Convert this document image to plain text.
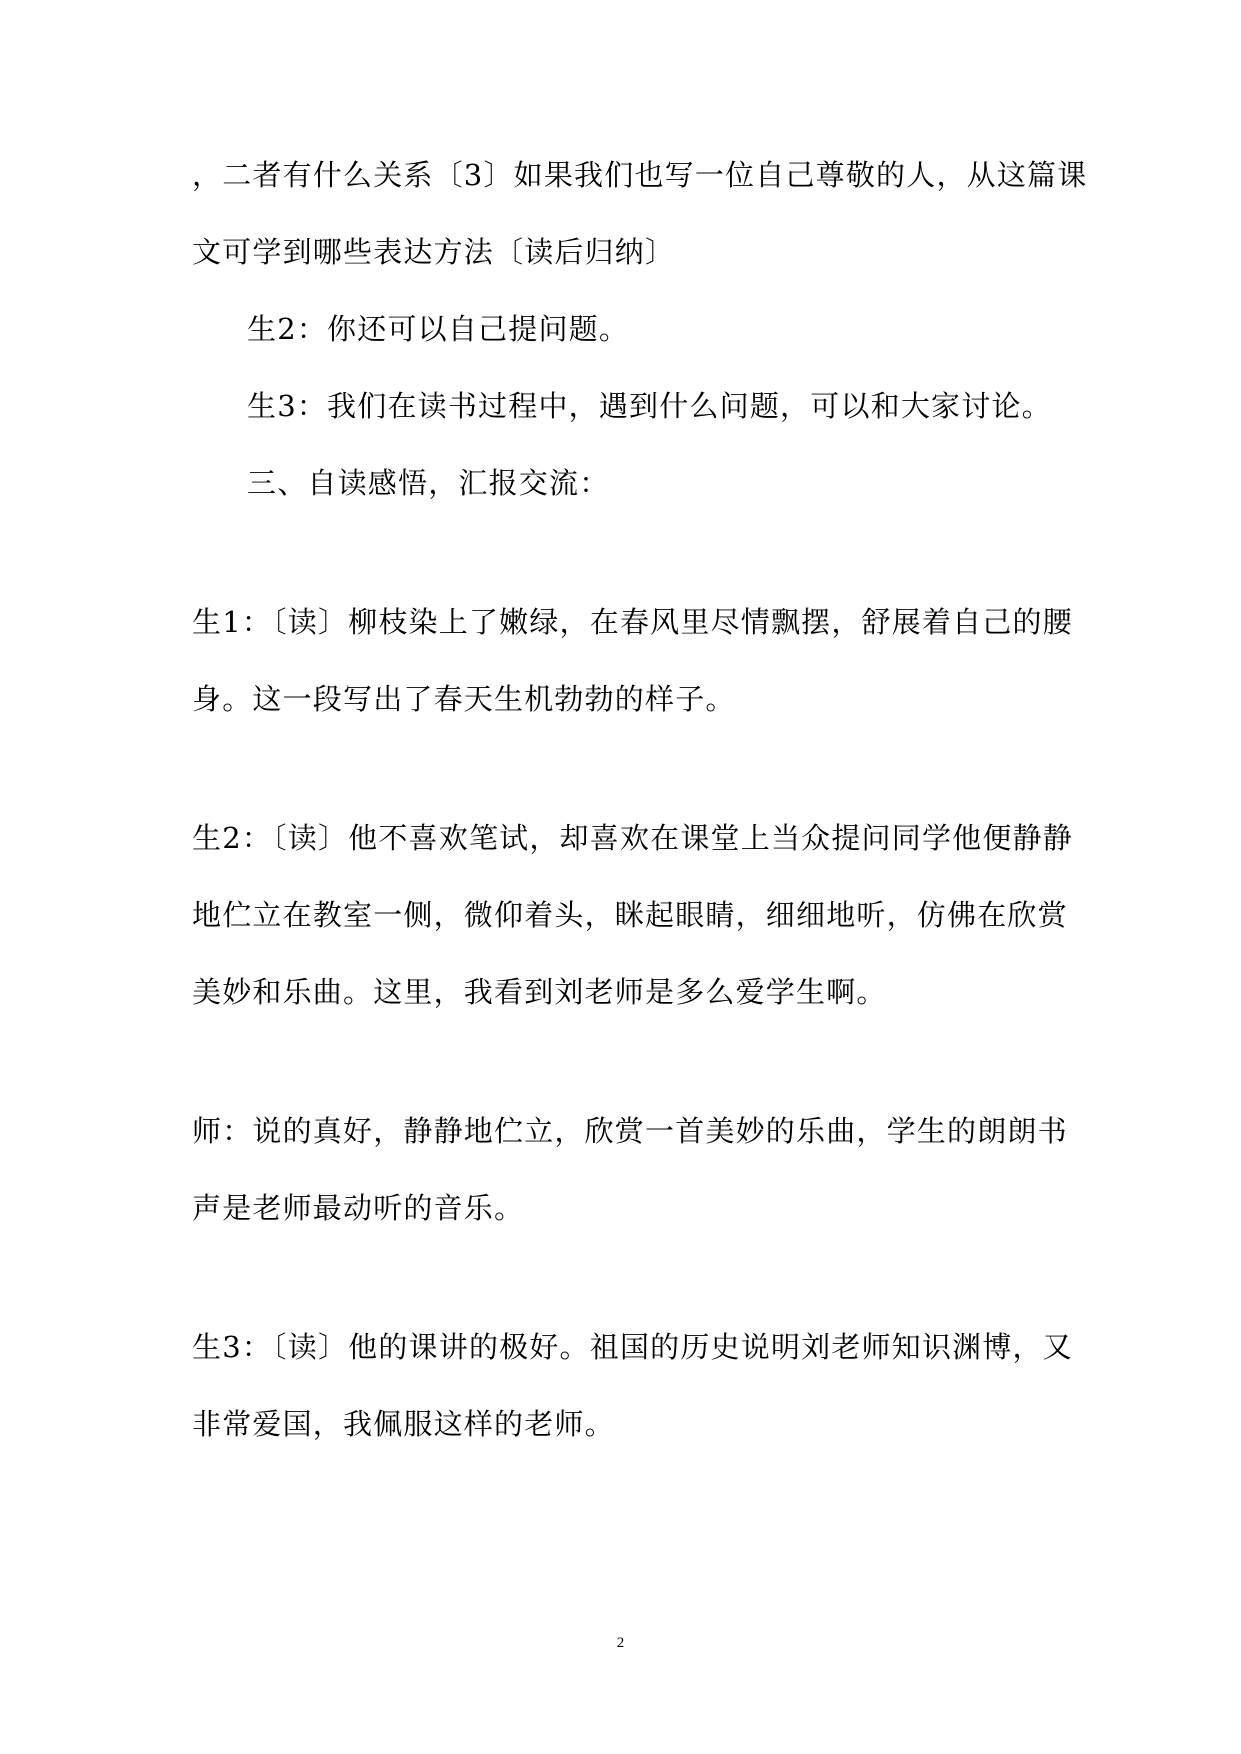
，二者有什么关系〔3〕如果我们也写一位自己尊敬的人，从这篇课
文可学到哪些表达方法〔读后归纳〕
生2：你还可以自己提问题。
生3：我们在读书过程中，遇到什么问题，可以和大家讨论。
三、自读感悟，汇报交流：
生1：〔读〕柳枝染上了嫩绿，在春风里尽情飘摆，舒展着自己的腰
身。这一段写出了春天生机勃勃的样子。
生2：〔读〕他不喜欢笔试，却喜欢在课堂上当众提问同学他便静静
地伫立在教室一侧，微仰着头，眯起眼睛，细细地听，仿佛在欣赏
美妙和乐曲。这里，我看到刘老师是多么爱学生啊。
师：说的真好，静静地伫立，欣赏一首美妙的乐曲，学生的朗朗书
声是老师最动听的音乐。
生3：〔读〕他的课讲的极好。祖国的历史说明刘老师知识渊博，又
非常爱国，我佩服这样的老师。
2
